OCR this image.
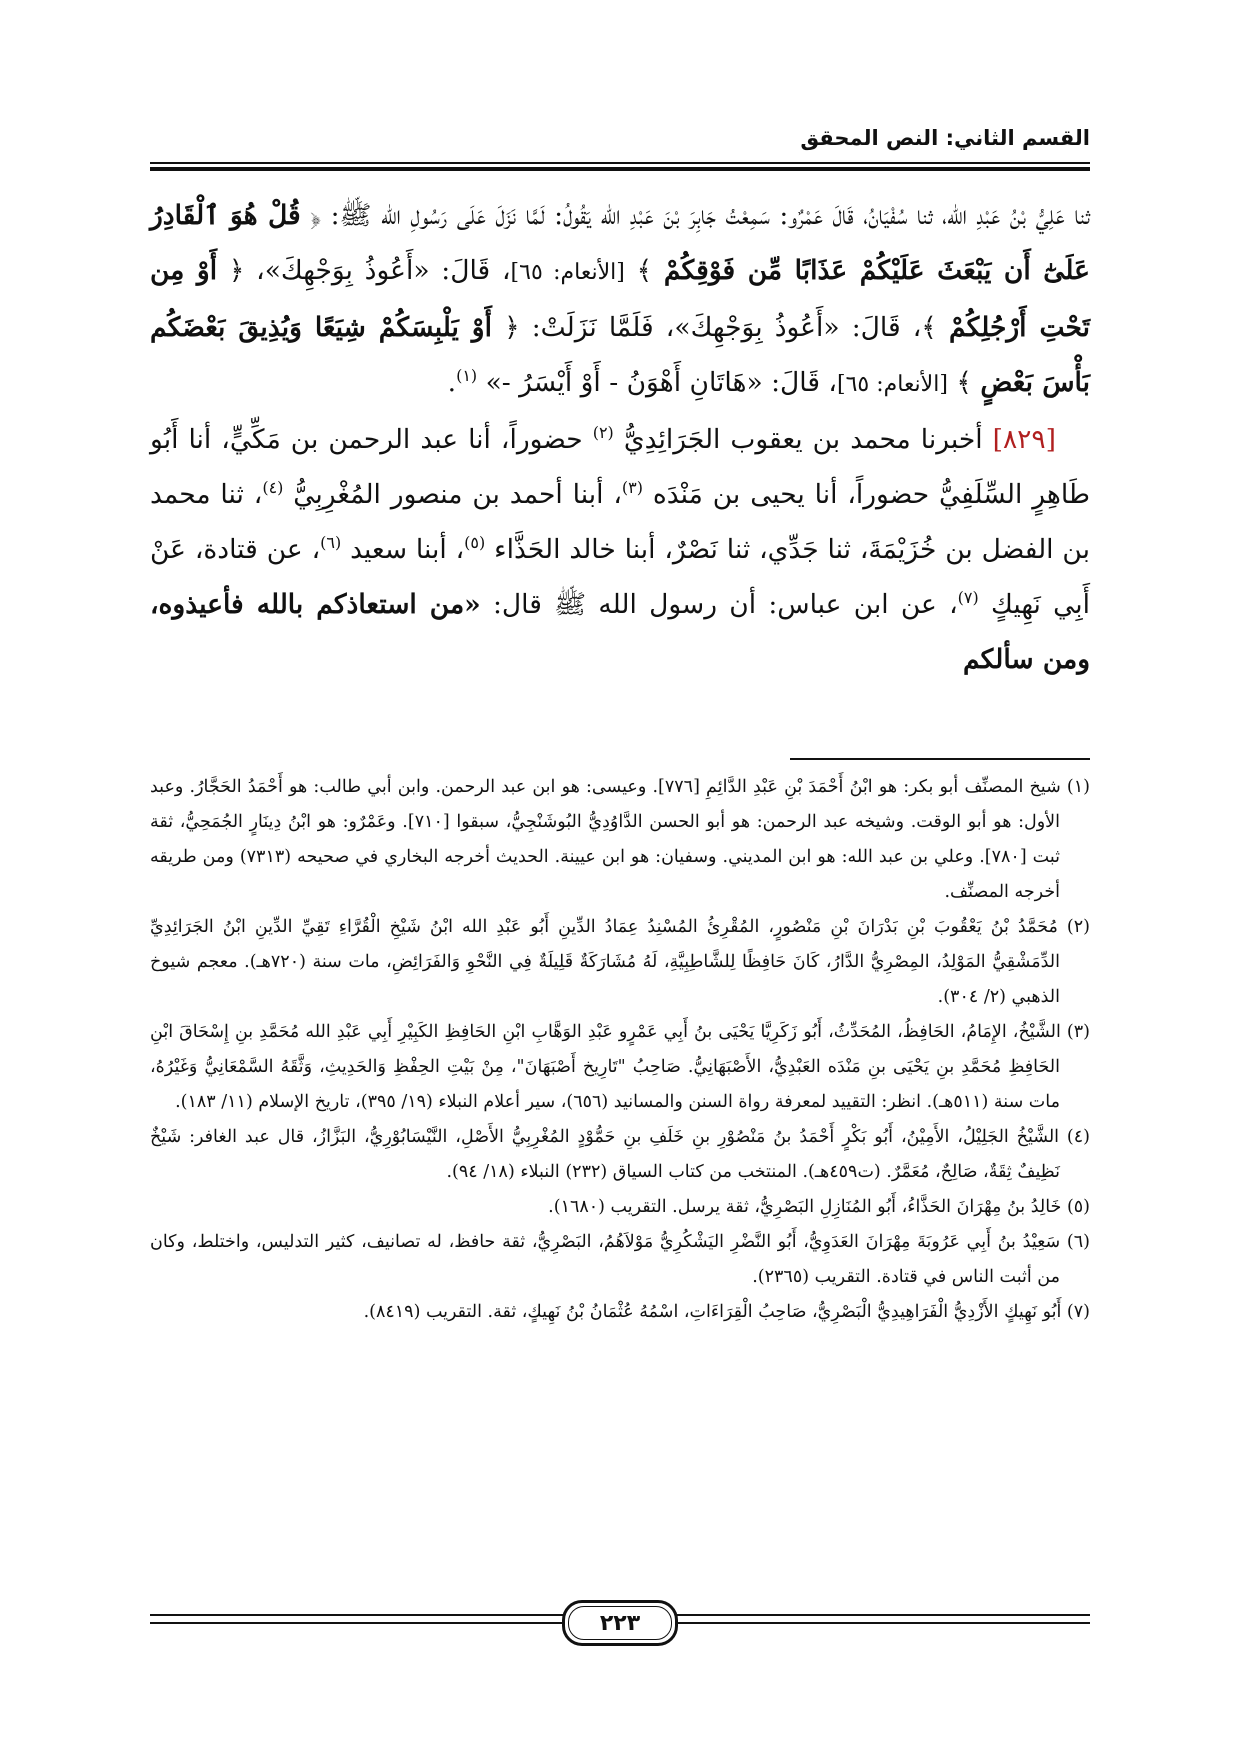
القسم الثاني: النص المحقق

ثنا عَلِيُّ بْنُ عَبْدِ الله، ثنا سُفْيَانُ، قَالَ عَمْرٌو: سَمِعْتُ جَابِرَ بْنَ عَبْدِ الله يَقُولُ: لَمَّا نَزَلَ عَلَى رَسُولِ الله ﷺ: ﴿ قُلْ هُوَ ٱلْقَادِرُ عَلَىٰٓ أَن يَبْعَثَ عَلَيْكُمْ عَذَابًا مِّن فَوْقِكُمْ ﴾ [الأنعام: ٦٥]، قَالَ: «أَعُوذُ بِوَجْهِكَ»، ﴿ أَوْ مِن تَحْتِ أَرْجُلِكُمْ ﴾، قَالَ: «أَعُوذُ بِوَجْهِكَ»، فَلَمَّا نَزَلَتْ: ﴿ أَوْ يَلْبِسَكُمْ شِيَعًا وَيُذِيقَ بَعْضَكُم بَأْسَ بَعْضٍ ﴾ [الأنعام: ٦٥]، قَالَ: «هَاتَانِ أَهْوَنُ - أَوْ أَيْسَرُ -» $^{(١)}$.

[٨٢٩] أخبرنا محمد بن يعقوب الجَرَائِدِيُّ $^{(٢)}$ حضوراً، أنا عبد الرحمن بن مَكِّيٍّ، أنا أَبُو طَاهِرٍ السِّلَفِيُّ حضوراً، أنا يحيى بن مَنْدَه $^{(٣)}$، أبنا أحمد بن منصور المُغْرِبِيُّ $^{(٤)}$، ثنا محمد بن الفضل بن خُزَيْمَةَ، ثنا جَدِّي، ثنا نَصْرٌ، أبنا خالد الحَذَّاء $^{(٥)}$، أبنا سعيد $^{(٦)}$، عن قتادة، عَنْ أَبِي نَهِيكٍ $^{(٧)}$، عن ابن عباس: أن رسول الله ﷺ قال: «من استعاذكم بالله فأعيذوه، ومن سألكم

(١) شيخ المصنِّف أبو بكر: هو ابْنُ أَحْمَدَ بْنِ عَبْدِ الدَّائِمِ [٧٧٦]. وعيسى: هو ابن عبد الرحمن. وابن أبي طالب: هو أَحْمَدُ الحَجَّارُ. وعبد الأول: هو أبو الوقت. وشيخه عبد الرحمن: هو أبو الحسن الدَّاوُدِيُّ البُوشَنْجِيُّ، سبقوا [٧١٠]. وعَمْرٌو: هو ابْنُ دِينَارٍ الجُمَحِيُّ، ثقة ثبت [٧٨٠]. وعلي بن عبد الله: هو ابن المديني. وسفيان: هو ابن عيينة. الحديث أخرجه البخاري في صحيحه (٧٣١٣) ومن طريقه أخرجه المصنِّف.

(٢) مُحَمَّدُ بْنُ يَعْقُوبَ بْنِ بَدْرَانَ بْنِ مَنْصُورٍ، المُقْرِئُ المُسْنِدُ عِمَادُ الدِّينِ أَبُو عَبْدِ الله ابْنُ شَيْخِ الْقُرَّاءِ تَقِيِّ الدِّينِ ابْنُ الجَرَائِدِيِّ الدِّمَشْقِيُّ المَوْلِدُ، المِصْرِيُّ الدَّارُ، كَانَ حَافِظًا لِلشَّاطِبِيَّةِ، لَهُ مُشَارَكَةٌ قَلِيلَةٌ فِي النَّحْوِ وَالفَرَائِضِ، مات سنة (٧٢٠هـ). معجم شيوخ الذهبي (٢/ ٣٠٤).

(٣) الشَّيْخُ، الإِمَامُ، الحَافِظُ، المُحَدِّثُ، أَبُو زَكَرِيَّا يَحْيَى بنُ أَبِي عَمْرٍو عَبْدِ الوَهَّابِ ابْنِ الحَافِظِ الكَبِيْرِ أَبِي عَبْدِ الله مُحَمَّدِ بنِ إِسْحَاقَ ابْنِ الحَافِظِ مُحَمَّدِ بنِ يَحْيَى بنِ مَنْدَه العَبْدِيُّ، الأَصْبَهَانِيُّ. صَاحِبُ "تَارِيخ أَصْبَهَانَ"، مِنْ بَيْتِ الحِفْظِ وَالحَدِيثِ، وَثَّقَهُ السَّمْعَانِيُّ وَغَيْرُهُ، مات سنة (٥١١هـ). انظر: التقييد لمعرفة رواة السنن والمسانيد (٦٥٦)، سير أعلام النبلاء (١٩/ ٣٩٥)، تاريخ الإسلام (١١/ ١٨٣).

(٤) الشَّيْخُ الجَلِيْلُ، الأَمِيْنُ، أَبُو بَكْرٍ أَحْمَدُ بنُ مَنْصُوْرِ بنِ خَلَفِ بنِ حَمُّوْدٍ المُغْرِبِيُّ الأَصْلِ، النَّيْسَابُوْرِيُّ، البَزَّازُ، قال عبد الغافر: شَيْخٌ نَظِيفٌ ثِقَةٌ، صَالِحٌ، مُعَمَّرٌ. (ت٤٥٩هـ). المنتخب من كتاب السياق (٢٣٢) النبلاء (١٨/ ٩٤).

(٥) خَالِدُ بنُ مِهْرَانَ الحَذَّاءُ، أَبُو المُنَازِلِ البَصْرِيُّ، ثقة يرسل. التقريب (١٦٨٠).

(٦) سَعِيْدُ بنُ أَبِي عَرُوبَةَ مِهْرَانَ العَدَوِيُّ، أَبُو النَّضْرِ اليَشْكُرِيُّ مَوْلاَهُمُ، البَصْرِيُّ، ثقة حافظ، له تصانيف، كثير التدليس، واختلط، وكان من أثبت الناس في قتادة. التقريب (٢٣٦٥).

(٧) أَبُو نَهِيكٍ الأَزْدِيُّ الْفَرَاهِيدِيُّ الْبَصْرِيُّ، صَاحِبُ الْقِرَاءَاتِ، اسْمُهُ عُثْمَانُ بْنُ نَهِيكٍ، ثقة. التقريب (٨٤١٩).

٢٢٣
